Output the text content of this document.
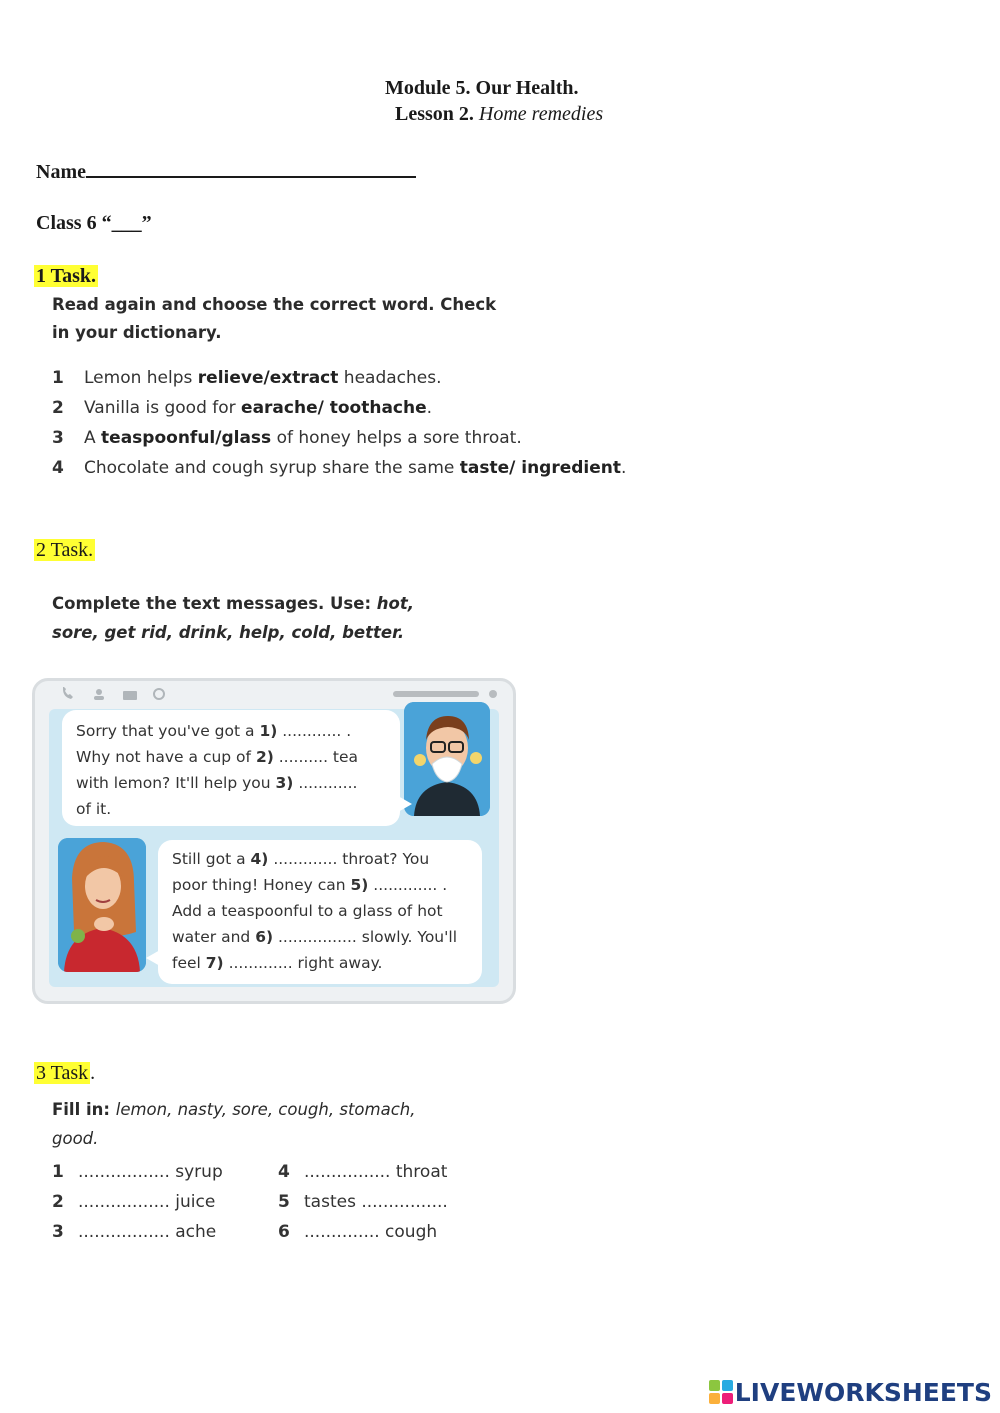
Module 5. Our Health.
Lesson 2. Home remedies
Name
Class 6 “___”
1 Task.
Read again and choose the correct word. Check
in your dictionary.
1 Lemon helps relieve/extract headaches.
2 Vanilla is good for earache/ toothache.
3 A teaspoonful/glass of honey helps a sore throat.
4 Chocolate and cough syrup share the same taste/ ingredient.
2 Task.
Complete the text messages. Use: hot,
sore, get rid, drink, help, cold, better.
Sorry that you've got a 1) ............ .
Why not have a cup of 2) .......... tea
with lemon? It'll help you 3) ............
of it.
Still got a 4) ............. throat? You
poor thing! Honey can 5) ............. .
Add a teaspoonful to a glass of hot
water and 6) ................ slowly. You'll
feel 7) ............. right away.
3 Task .
Fill in: lemon, nasty, sore, cough, stomach,
good.
1 ................. syrup
2 ................. juice
3 ................. ache
4 ................ throat
5 tastes ................
6 .............. cough
LIVEWORKSHEETS
